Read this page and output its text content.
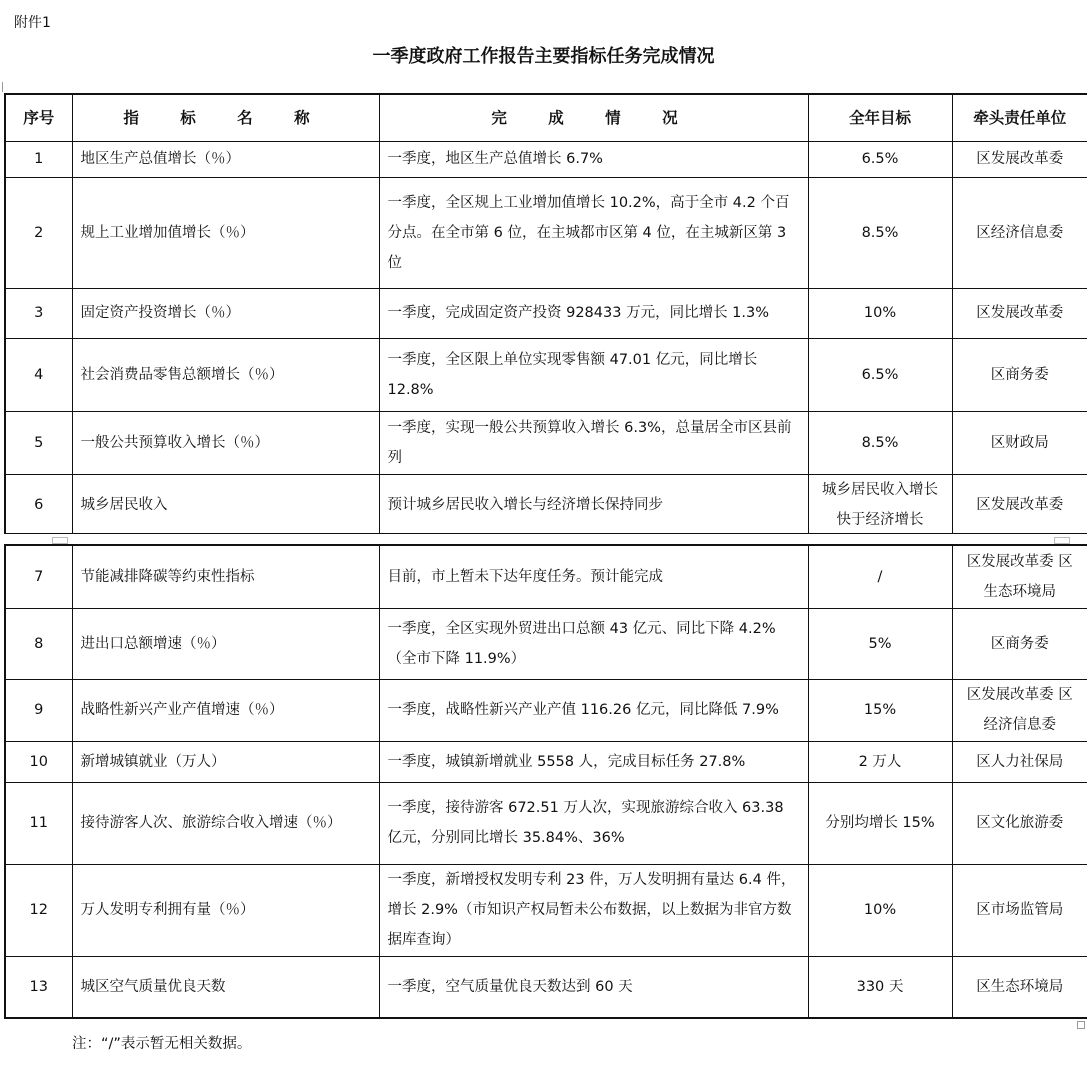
附件1
一季度政府工作报告主要指标任务完成情况
序号	指 标 名 称	完 成 情 况	全年目标	牵头责任单位
1	地区生产总值增长（％）	一季度，地区生产总值增长 6.7%	6.5%	区发展改革委
2	规上工业增加值增长（％）	一季度，全区规上工业增加值增长 10.2%，高于全市 4.2 个百分点。在全市第 6 位，在主城都市区第 4 位，在主城新区第 3 位	8.5%	区经济信息委
3	固定资产投资增长（％）	一季度，完成固定资产投资 928433 万元，同比增长 1.3%	10%	区发展改革委
4	社会消费品零售总额增长（％）	一季度，全区限上单位实现零售额 47.01 亿元，同比增长 12.8%	6.5%	区商务委
5	一般公共预算收入增长（％）	一季度，实现一般公共预算收入增长 6.3%，总量居全市区县前列	8.5%	区财政局
6	城乡居民收入	预计城乡居民收入增长与经济增长保持同步	城乡居民收入增长快于经济增长	区发展改革委
7	节能减排降碳等约束性指标	目前，市上暂未下达年度任务。预计能完成	/	区发展改革委 区生态环境局
8	进出口总额增速（％）	一季度，全区实现外贸进出口总额 43 亿元、同比下降 4.2%（全市下降 11.9%）	5%	区商务委
9	战略性新兴产业产值增速（％）	一季度，战略性新兴产业产值 116.26 亿元，同比降低 7.9%	15%	区发展改革委 区经济信息委
10	新增城镇就业（万人）	一季度，城镇新增就业 5558 人，完成目标任务 27.8%	2 万人	区人力社保局
11	接待游客人次、旅游综合收入增速（％）	一季度，接待游客 672.51 万人次，实现旅游综合收入 63.38 亿元，分别同比增长 35.84%、36%	分别均增长 15%	区文化旅游委
12	万人发明专利拥有量（％）	一季度，新增授权发明专利 23 件，万人发明拥有量达 6.4 件，增长 2.9%（市知识产权局暂未公布数据，以上数据为非官方数据库查询）	10%	区市场监管局
13	城区空气质量优良天数	一季度，空气质量优良天数达到 60 天	330 天	区生态环境局
注：“/”表示暂无相关数据。
